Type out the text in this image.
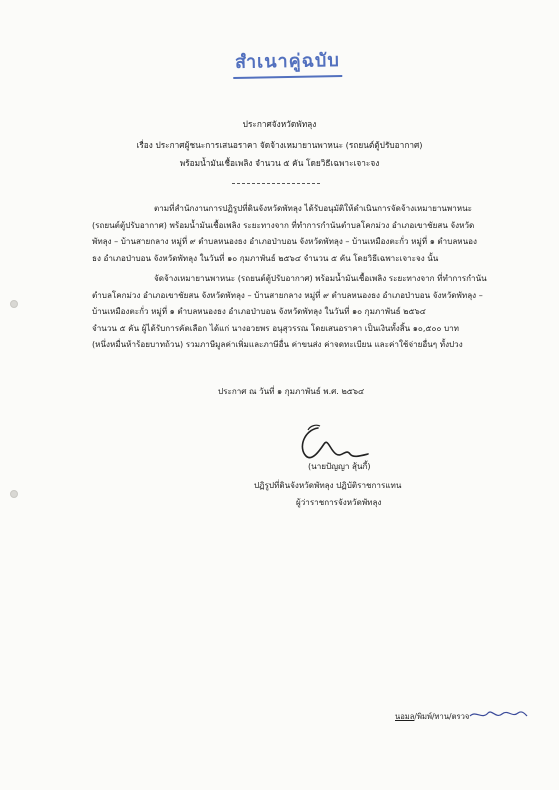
สำเนาคู่ฉบับ
ประกาศจังหวัดพัทลุง
เรื่อง ประกาศผู้ชนะการเสนอราคา จัดจ้างเหมายานพาหนะ (รถยนต์ตู้ปรับอากาศ)
พร้อมน้ำมันเชื้อเพลิง จำนวน ๕ คัน โดยวิธีเฉพาะเจาะจง
ตามที่สำนักงานการปฏิรูปที่ดินจังหวัดพัทลุง ได้รับอนุมัติให้ดำเนินการจัดจ้างเหมายานพาหนะ
(รถยนต์ตู้ปรับอากาศ) พร้อมน้ำมันเชื้อเพลิง ระยะทางจาก ที่ทำการกำนันตำบลโคกม่วง อำเภอเขาชัยสน จังหวัด
พัทลุง – บ้านสายกลาง หมู่ที่ ๙ ตำบลหนองธง อำเภอป่าบอน จังหวัดพัทลุง – บ้านเหมืองตะกั่ว หมู่ที่ ๑ ตำบลหนอง
ธง อำเภอป่าบอน จังหวัดพัทลุง ในวันที่ ๑๐ กุมภาพันธ์ ๒๕๖๔ จำนวน ๕ คัน โดยวิธีเฉพาะเจาะจง นั้น
จัดจ้างเหมายานพาหนะ (รถยนต์ตู้ปรับอากาศ) พร้อมน้ำมันเชื้อเพลิง ระยะทางจาก ที่ทำการกำนัน
ตำบลโคกม่วง อำเภอเขาชัยสน จังหวัดพัทลุง – บ้านสายกลาง หมู่ที่ ๙ ตำบลหนองธง อำเภอป่าบอน จังหวัดพัทลุง –
บ้านเหมืองตะกั่ว หมู่ที่ ๑ ตำบลหนองธง อำเภอป่าบอน จังหวัดพัทลุง ในวันที่ ๑๐ กุมภาพันธ์ ๒๕๖๔
จำนวน ๕ คัน ผู้ได้รับการคัดเลือก ได้แก่ นางอวยพร อนุสุวรรณ โดยเสนอราคา เป็นเงินทั้งสิ้น ๑๐,๕๐๐ บาท
(หนึ่งหมื่นห้าร้อยบาทถ้วน) รวมภาษีมูลค่าเพิ่มและภาษีอื่น ค่าขนส่ง ค่าจดทะเบียน และค่าใช้จ่ายอื่นๆ ทั้งปวง
ประกาศ ณ วันที่ ๑ กุมภาพันธ์ พ.ศ. ๒๕๖๔
(นายปัญญา สุ้นกี้)
ปฏิรูปที่ดินจังหวัดพัทลุง ปฏิบัติราชการแทน
ผู้ว่าราชการจังหวัดพัทลุง
นอมล/พิมพ์/ทาน/ตรวจ
